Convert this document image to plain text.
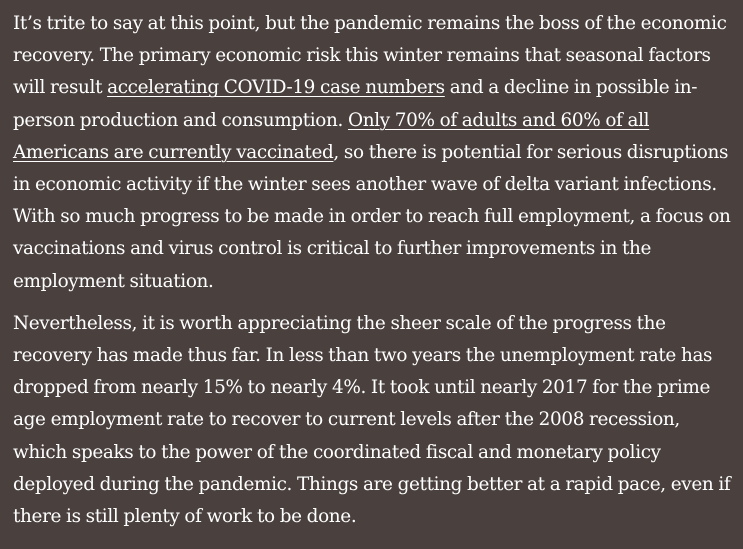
It’s trite to say at this point, but the pandemic remains the boss of the economic recovery. The primary economic risk this winter remains that seasonal factors will result accelerating COVID-19 case numbers and a decline in possible in-person production and consumption. Only 70% of adults and 60% of all Americans are currently vaccinated, so there is potential for serious disruptions in economic activity if the winter sees another wave of delta variant infections. With so much progress to be made in order to reach full employment, a focus on vaccinations and virus control is critical to further improvements in the employment situation.

Nevertheless, it is worth appreciating the sheer scale of the progress the recovery has made thus far. In less than two years the unemployment rate has dropped from nearly 15% to nearly 4%. It took until nearly 2017 for the prime age employment rate to recover to current levels after the 2008 recession, which speaks to the power of the coordinated fiscal and monetary policy deployed during the pandemic. Things are getting better at a rapid pace, even if there is still plenty of work to be done.
